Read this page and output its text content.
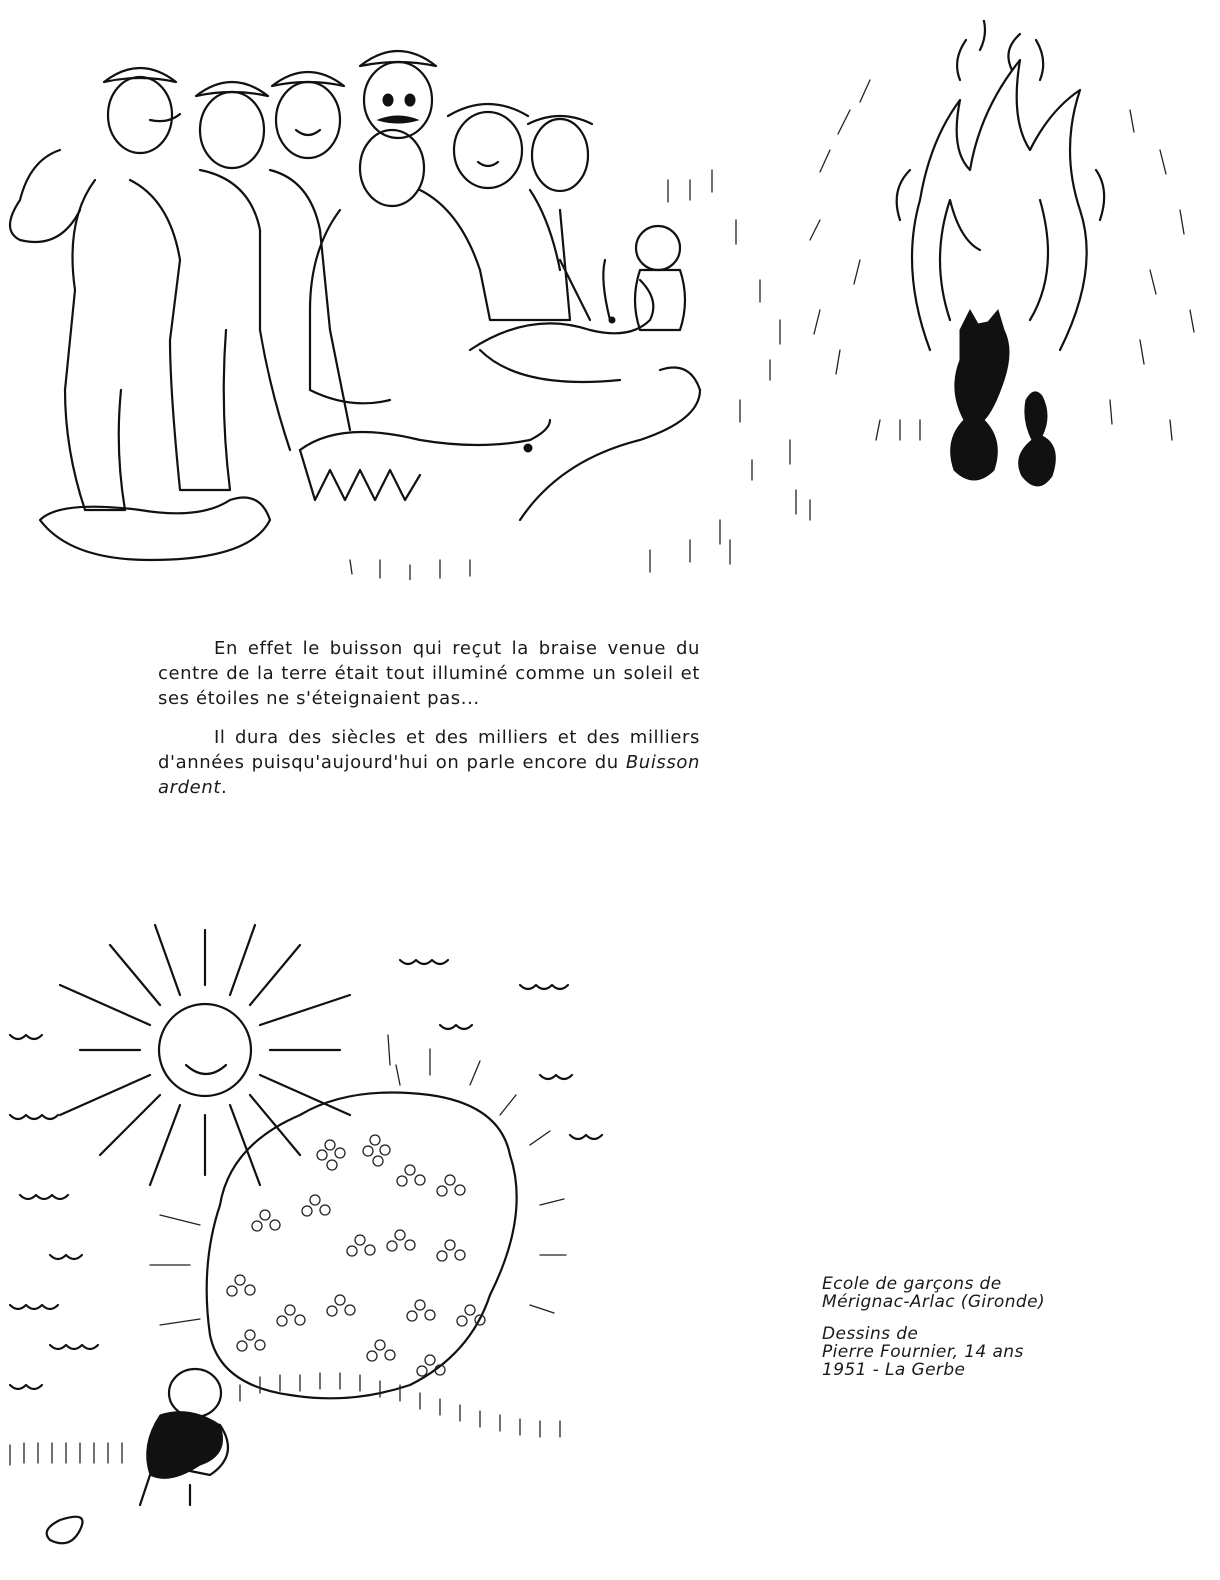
En effet le buisson qui reçut la braise venue du centre de la terre était tout illuminé comme un soleil et ses étoiles ne s'éteignaient pas...

Il dura des siècles et des milliers et des milliers d'années puisqu'aujourd'hui on parle encore du Buisson ardent.

Ecole de garçons de
Mérignac-Arlac (Gironde)
Dessins de
Pierre Fournier, 14 ans
1951 - La Gerbe
